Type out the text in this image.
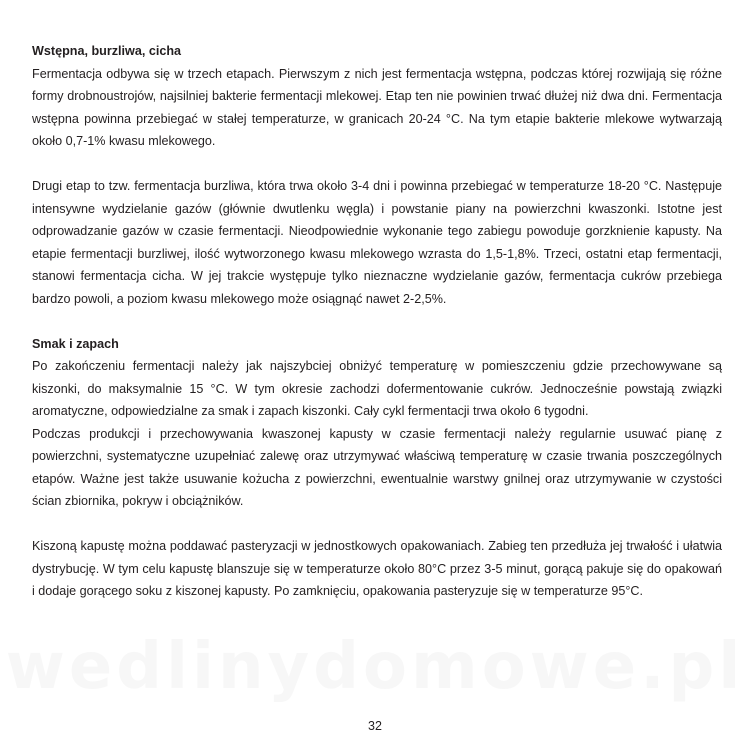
wedlinydomowe.pl

Wstępna, burzliwa, cicha

Fermentacja odbywa się w trzech etapach. Pierwszym z nich jest fermentacja wstępna, podczas której rozwijają się różne formy drobnoustrojów, najsilniej bakterie fermentacji mlekowej. Etap ten nie powinien trwać dłużej niż dwa dni. Fermentacja wstępna powinna przebiegać w stałej temperaturze, w granicach 20-24 °C. Na tym etapie bakterie mlekowe wytwarzają około 0,7-1% kwasu mlekowego.

Drugi etap to tzw. fermentacja burzliwa, która trwa około 3-4 dni i powinna przebiegać w temperaturze 18-20 °C. Następuje intensywne wydzielanie gazów (głównie dwutlenku węgla) i powstanie piany na powierzchni kwaszonki. Istotne jest odprowadzanie gazów w czasie fermentacji. Nieodpowiednie wykonanie tego zabiegu powoduje gorzknienie kapusty. Na etapie fermentacji burzliwej, ilość wytworzonego kwasu mlekowego wzrasta do 1,5-1,8%. Trzeci, ostatni etap fermentacji, stanowi fermentacja cicha. W jej trakcie występuje tylko nieznaczne wydzielanie gazów, fermentacja cukrów przebiega bardzo powoli, a poziom kwasu mlekowego może osiągnąć nawet 2-2,5%.

Smak i zapach

Po zakończeniu fermentacji należy jak najszybciej obniżyć temperaturę w pomieszczeniu gdzie przechowywane są kiszonki, do maksymalnie 15 °C. W tym okresie zachodzi dofermentowanie cukrów. Jednocześnie powstają związki aromatyczne, odpowiedzialne za smak i zapach kiszonki. Cały cykl fermentacji trwa około 6 tygodni.

Podczas produkcji i przechowywania kwaszonej kapusty w czasie fermentacji należy regularnie usuwać pianę z powierzchni, systematyczne uzupełniać zalewę oraz utrzymywać właściwą temperaturę w czasie trwania poszczególnych etapów. Ważne jest także usuwanie kożucha z powierzchni, ewentualnie warstwy gnilnej oraz utrzymywanie w czystości ścian zbiornika, pokryw i obciążników.

Kiszoną kapustę można poddawać pasteryzacji w jednostkowych opakowaniach. Zabieg ten przedłuża jej trwałość i ułatwia dystrybucję. W tym celu kapustę blanszuje się w temperaturze około 80°C przez 3-5 minut, gorącą pakuje się do opakowań i dodaje gorącego soku z kiszonej kapusty. Po zamknięciu, opakowania pasteryzuje się w temperaturze 95°C.

32
